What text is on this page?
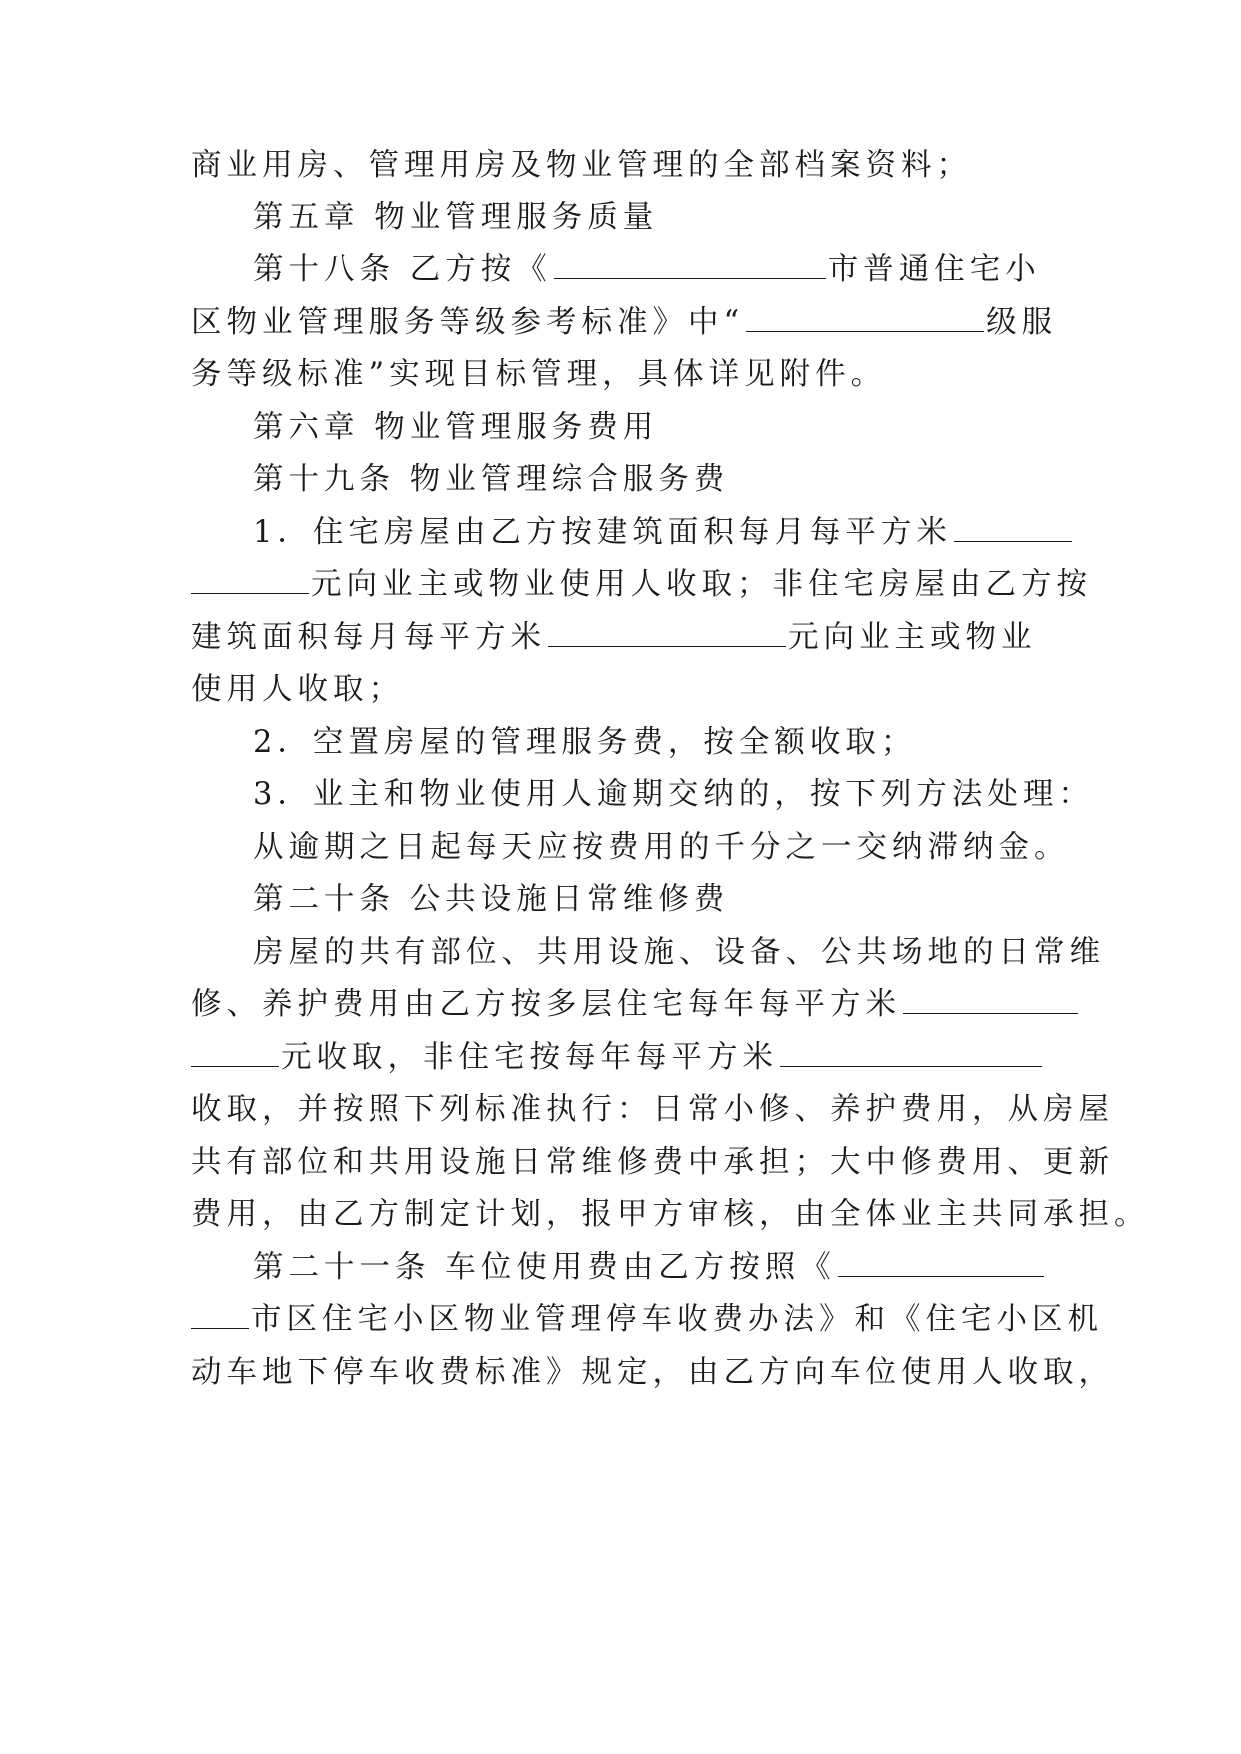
商业用房、管理用房及物业管理的全部档案资料；
第五章 物业管理服务质量
第十八条 乙方按《	市普通住宅小
区物业管理服务等级参考标准》中“	级服
务等级标准”实现目标管理，具体详见附件。
第六章 物业管理服务费用
第十九条 物业管理综合服务费
1．住宅房屋由乙方按建筑面积每月每平方米
元向业主或物业使用人收取；非住宅房屋由乙方按
建筑面积每月每平方米	元向业主或物业
使用人收取；
2．空置房屋的管理服务费，按全额收取；
3．业主和物业使用人逾期交纳的，按下列方法处理：
从逾期之日起每天应按费用的千分之一交纳滞纳金。
第二十条 公共设施日常维修费
房屋的共有部位、共用设施、设备、公共场地的日常维
修、养护费用由乙方按多层住宅每年每平方米
元收取，非住宅按每年每平方米
收取，并按照下列标准执行：日常小修、养护费用，从房屋
共有部位和共用设施日常维修费中承担；大中修费用、更新
费用，由乙方制定计划，报甲方审核，由全体业主共同承担。
第二十一条 车位使用费由乙方按照《
市区住宅小区物业管理停车收费办法》和《住宅小区机
动车地下停车收费标准》规定，由乙方向车位使用人收取，
